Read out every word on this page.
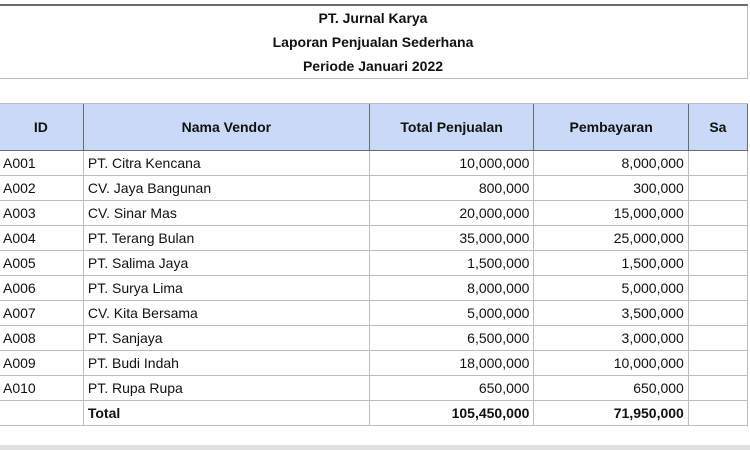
PT. Jurnal Karya				
Laporan Penjualan Sederhana				
Periode Januari 2022				

ID	Nama Vendor	Total Penjualan	Pembayaran	Sa
A001	PT. Citra Kencana	10,000,000	8,000,000	
A002	CV. Jaya Bangunan	800,000	300,000	
A003	CV. Sinar Mas	20,000,000	15,000,000	
A004	PT. Terang Bulan	35,000,000	25,000,000	
A005	PT. Salima Jaya	1,500,000	1,500,000	
A006	PT. Surya Lima	8,000,000	5,000,000	
A007	CV. Kita Bersama	5,000,000	3,500,000	
A008	PT. Sanjaya	6,500,000	3,000,000	
A009	PT. Budi Indah	18,000,000	10,000,000	
A010	PT. Rupa Rupa	650,000	650,000	
	Total	105,450,000	71,950,000	
